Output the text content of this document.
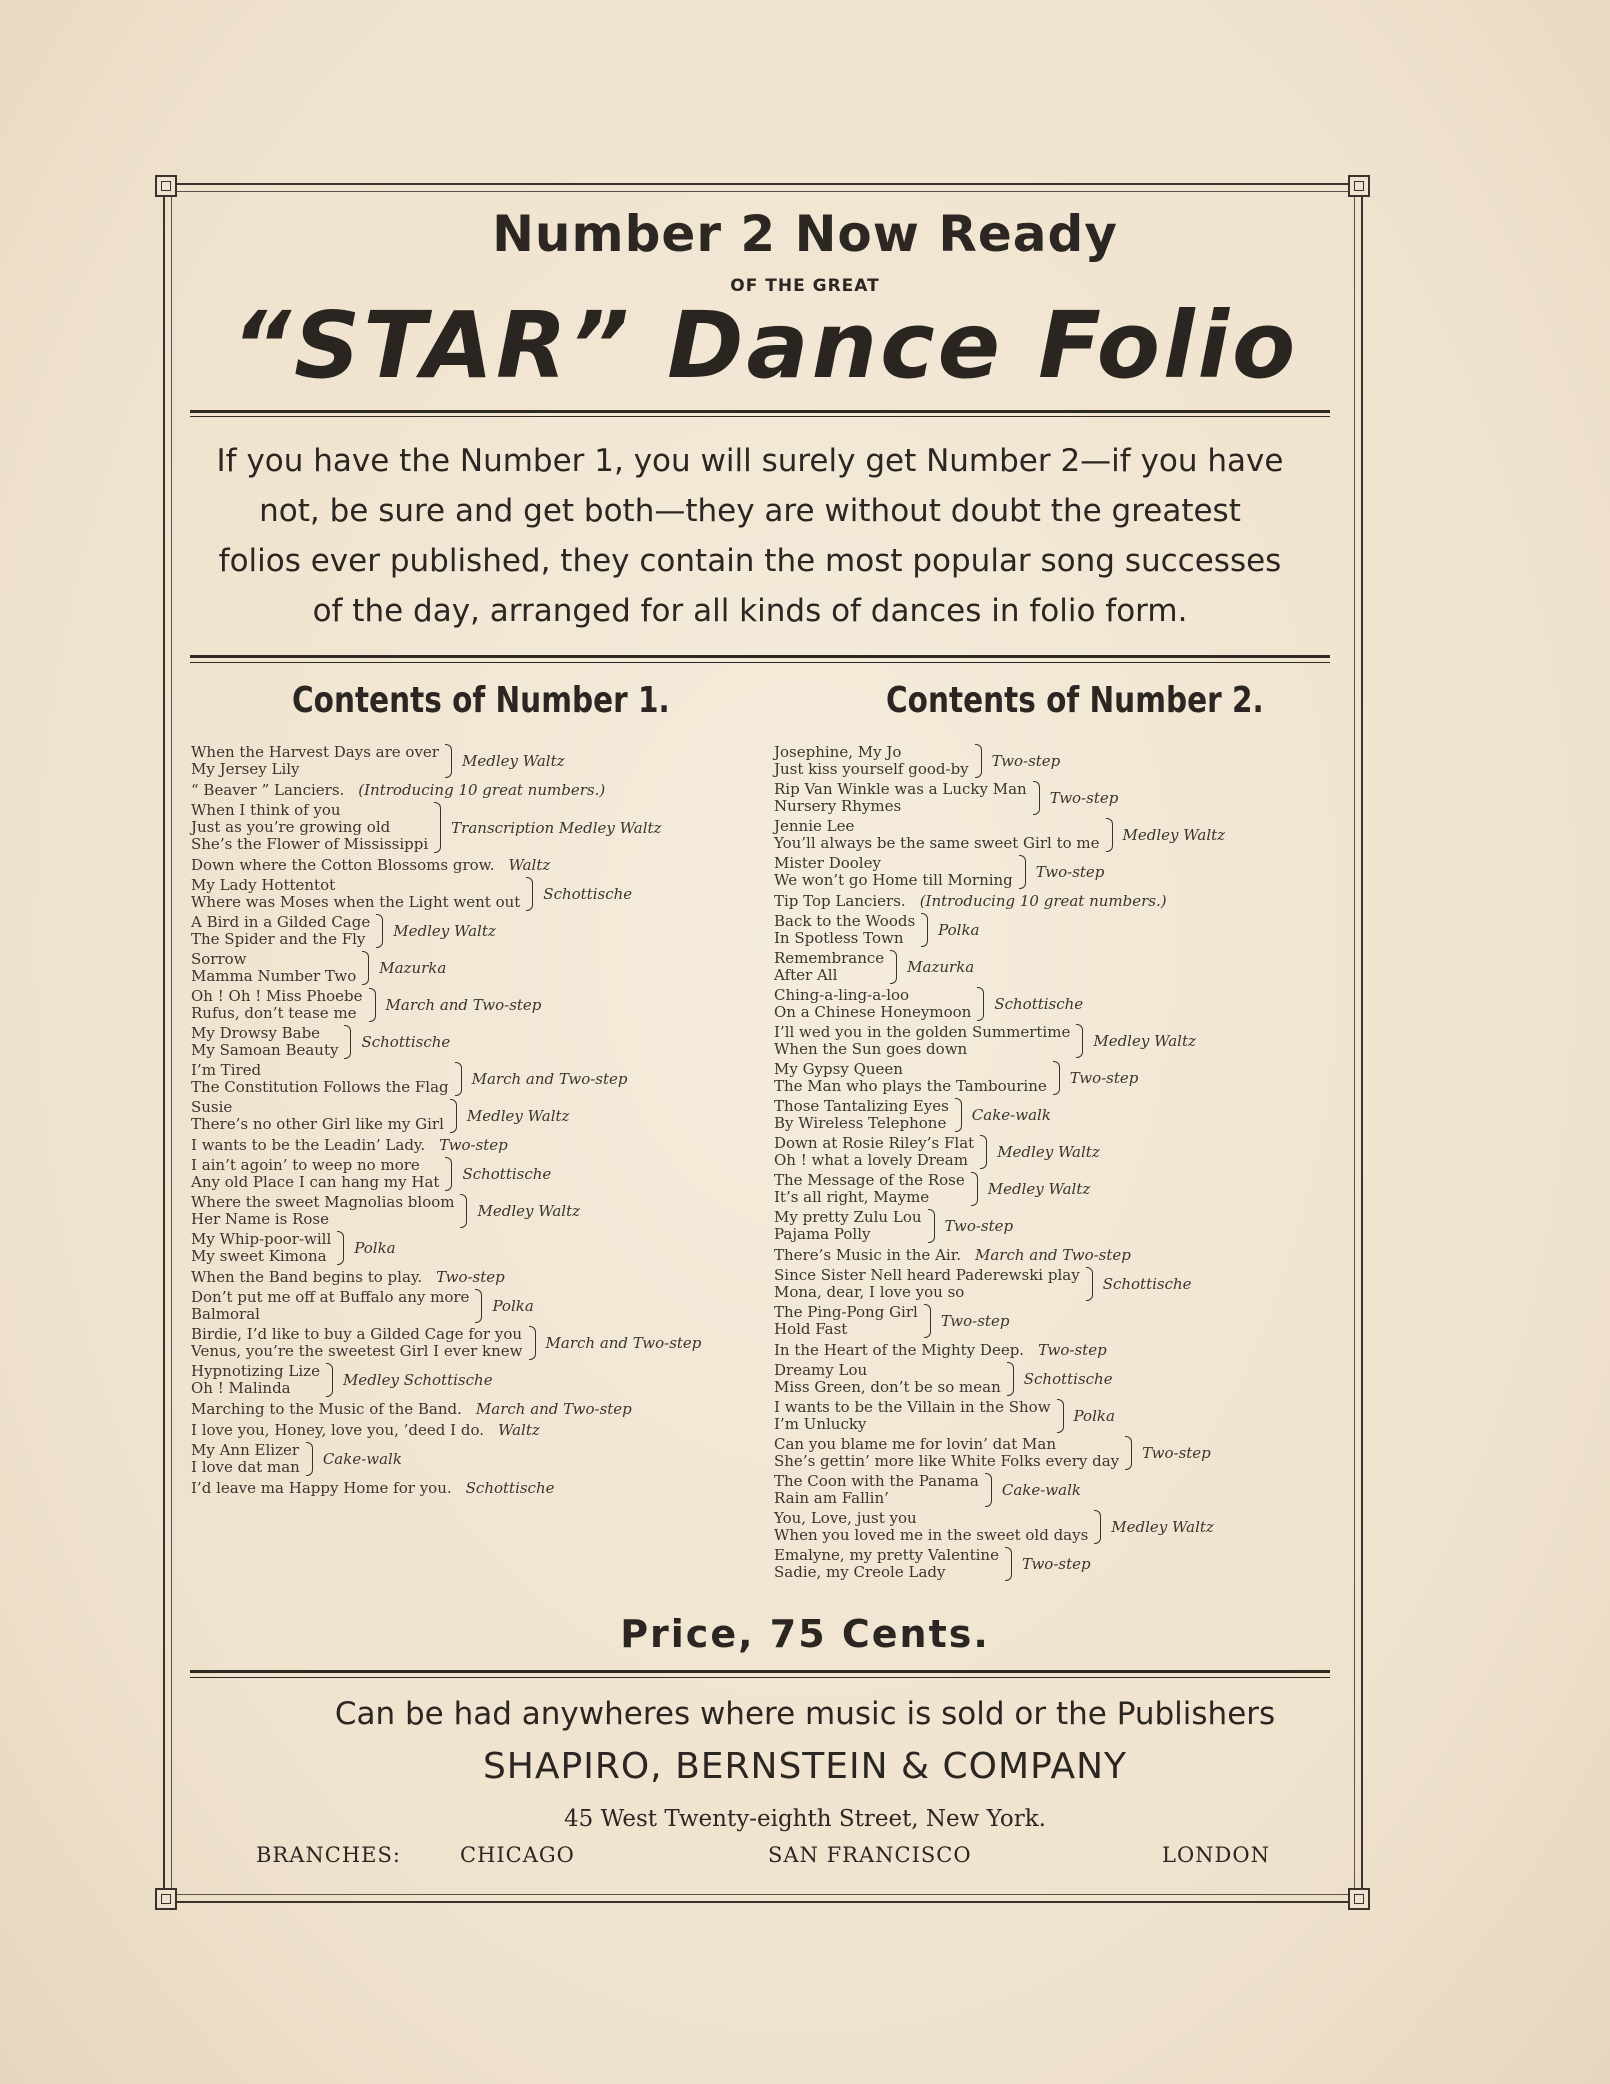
Number 2 Now Ready
OF THE GREAT
“STAR” Dance Folio
If you have the Number 1, you will surely get Number 2—if you have not, be sure and get both—they are without doubt the greatest folios ever published, they contain the most popular song successes of the day, arranged for all kinds of dances in folio form.
Contents of Number 1.	Contents of Number 2.
When the Harvest Days are over
My Jersey Lily	Medley Waltz
“ Beaver ” Lanciers. (Introducing 10 great numbers.)
When I think of you
Just as you’re growing old
She’s the Flower of Mississippi
Transcription Medley Waltz
Down where the Cotton Blossoms grow. Waltz
My Lady Hottentot
Where was Moses when the Light went out Schottische
A Bird in a Gilded Cage
The Spider and the Fly	Medley Waltz
Sorrow
Mamma Number Two Mazurka
Oh ! Oh ! Miss Phoebe
Rufus, don’t tease me	March and Two-step
My Drowsy Babe
My Samoan Beauty Schottische
I’m Tired
The Constitution Follows the Flag March and Two-step
Susie
There’s no other Girl like my Girl Medley Waltz
I wants to be the Leadin’ Lady. Two-step
I ain’t agoin’ to weep no more
Any old Place I can hang my Hat Schottische
Where the sweet Magnolias bloom
Her Name is Rose	Medley Waltz
My Whip-poor-will
My sweet Kimona	Polka
When the Band begins to play. Two-step
Don’t put me off at Buffalo any more
Balmoral	Polka
Birdie, I’d like to buy a Gilded Cage for you
Venus, you’re the sweetest Girl I ever knew March and Two-step
Hypnotizing Lize
Oh ! Malinda	Medley Schottische
Marching to the Music of the Band. March and Two-step
I love you, Honey, love you, ’deed I do. Waltz
My Ann Elizer
I love dat man Cake-walk
I’d leave ma Happy Home for you. Schottische
Josephine, My Jo
Just kiss yourself good-by Two-step
Rip Van Winkle was a Lucky Man
Nursery Rhymes	Two-step
Jennie Lee
You’ll always be the same sweet Girl to me Medley Waltz
Mister Dooley
We won’t go Home till Morning Two-step
Tip Top Lanciers. (Introducing 10 great numbers.)
Back to the Woods
In Spotless Town	Polka
Remembrance
After All	Mazurka
Ching-a-ling-a-loo
On a Chinese Honeymoon Schottische
I’ll wed you in the golden Summertime
When the Sun goes down	Medley Waltz
My Gypsy Queen
The Man who plays the Tambourine Two-step
Those Tantalizing Eyes
By Wireless Telephone Cake-walk
Down at Rosie Riley’s Flat
Oh ! what a lovely Dream	Medley Waltz
The Message of the Rose
It’s all right, Mayme	Medley Waltz
My pretty Zulu Lou
Pajama Polly	Two-step
There’s Music in the Air. March and Two-step
Since Sister Nell heard Paderewski play
Mona, dear, I love you so	Schottische
The Ping-Pong Girl
Hold Fast	Two-step
In the Heart of the Mighty Deep. Two-step
Dreamy Lou
Miss Green, don’t be so mean Schottische
I wants to be the Villain in the Show
I’m Unlucky	Polka
Can you blame me for lovin’ dat Man
She’s gettin’ more like White Folks every day Two-step
The Coon with the Panama
Rain am Fallin’	Cake-walk
You, Love, just you
When you loved me in the sweet old days Medley Waltz
Emalyne, my pretty Valentine
Sadie, my Creole Lady	Two-step
Price, 75 Cents.
Can be had anywheres where music is sold or the Publishers
SHAPIRO, BERNSTEIN & COMPANY
45 West Twenty-eighth Street, New York.
BRANCHES:	CHICAGO	SAN FRANCISCO	LONDON
